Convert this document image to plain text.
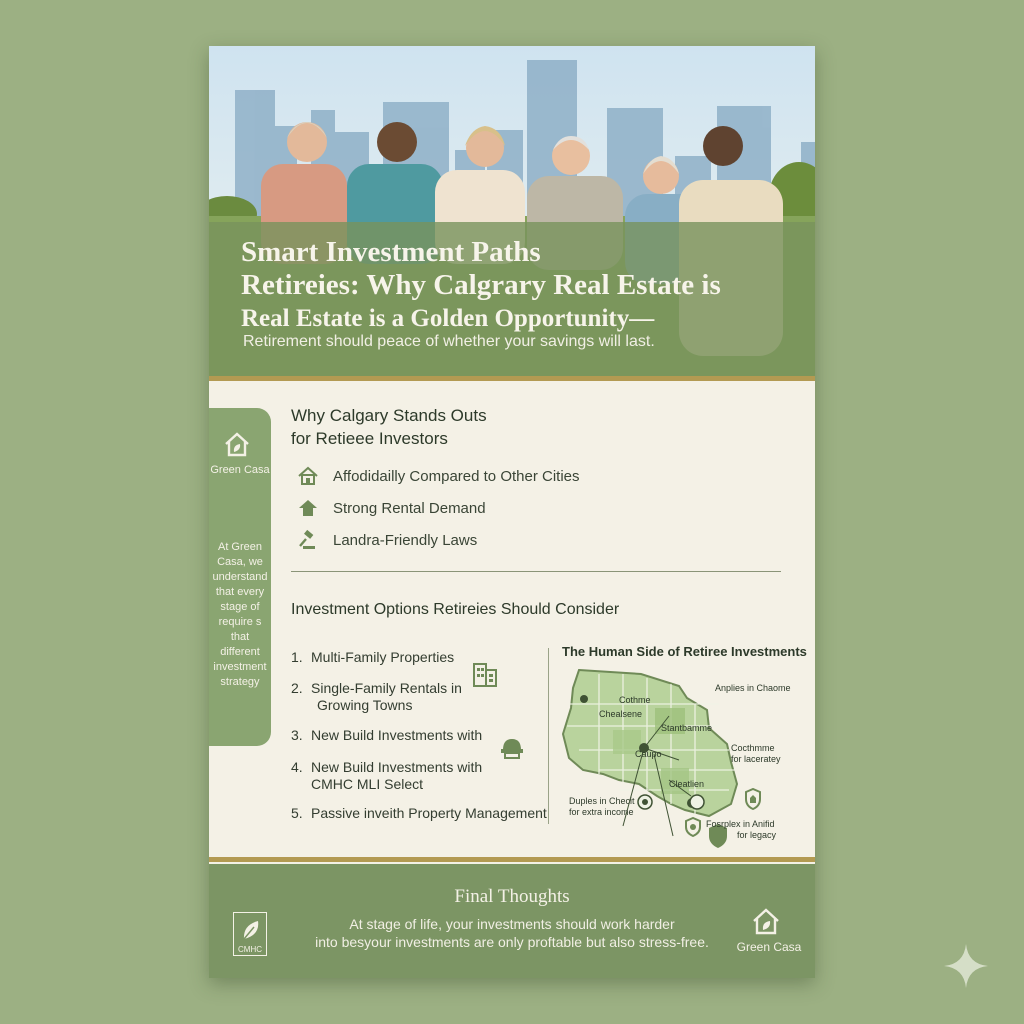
Smart Investment Paths
Retireies: Why Calgrary Real Estate is
Real Estate is a Golden Opportunity—
Retirement should peace of whether your savings will last.
Green Casa
At Green
Casa, we
understand
that every
stage of
require s
that
different
investment
strategy
Why Calgary Stands Outs
for Retieee Investors
Affodidailly Compared to Other Cities
Strong Rental Demand
Landra-Friendly Laws
Investment Options Retireies Should Consider
1. Multi-Family Properties
2. Single-Family Rentals in
Growing Towns
3. New Build Investments with
4. New Build Investments with
CMHC MLI Select
5. Passive inveith Property Management
The Human Side of Retiree Investments
Cothme
Chealsene
Stantbamme
Caupo
Cleatlien
Anplies in Chaome
Cocthmme
for laceratey
Duples in Checit
for extra income
Fosrplex in Anifid
for legacy
CMHC
Final Thoughts
At stage of life, your investments should work harder
into besyour investments are only proftable but also stress-free.	Green Casa
